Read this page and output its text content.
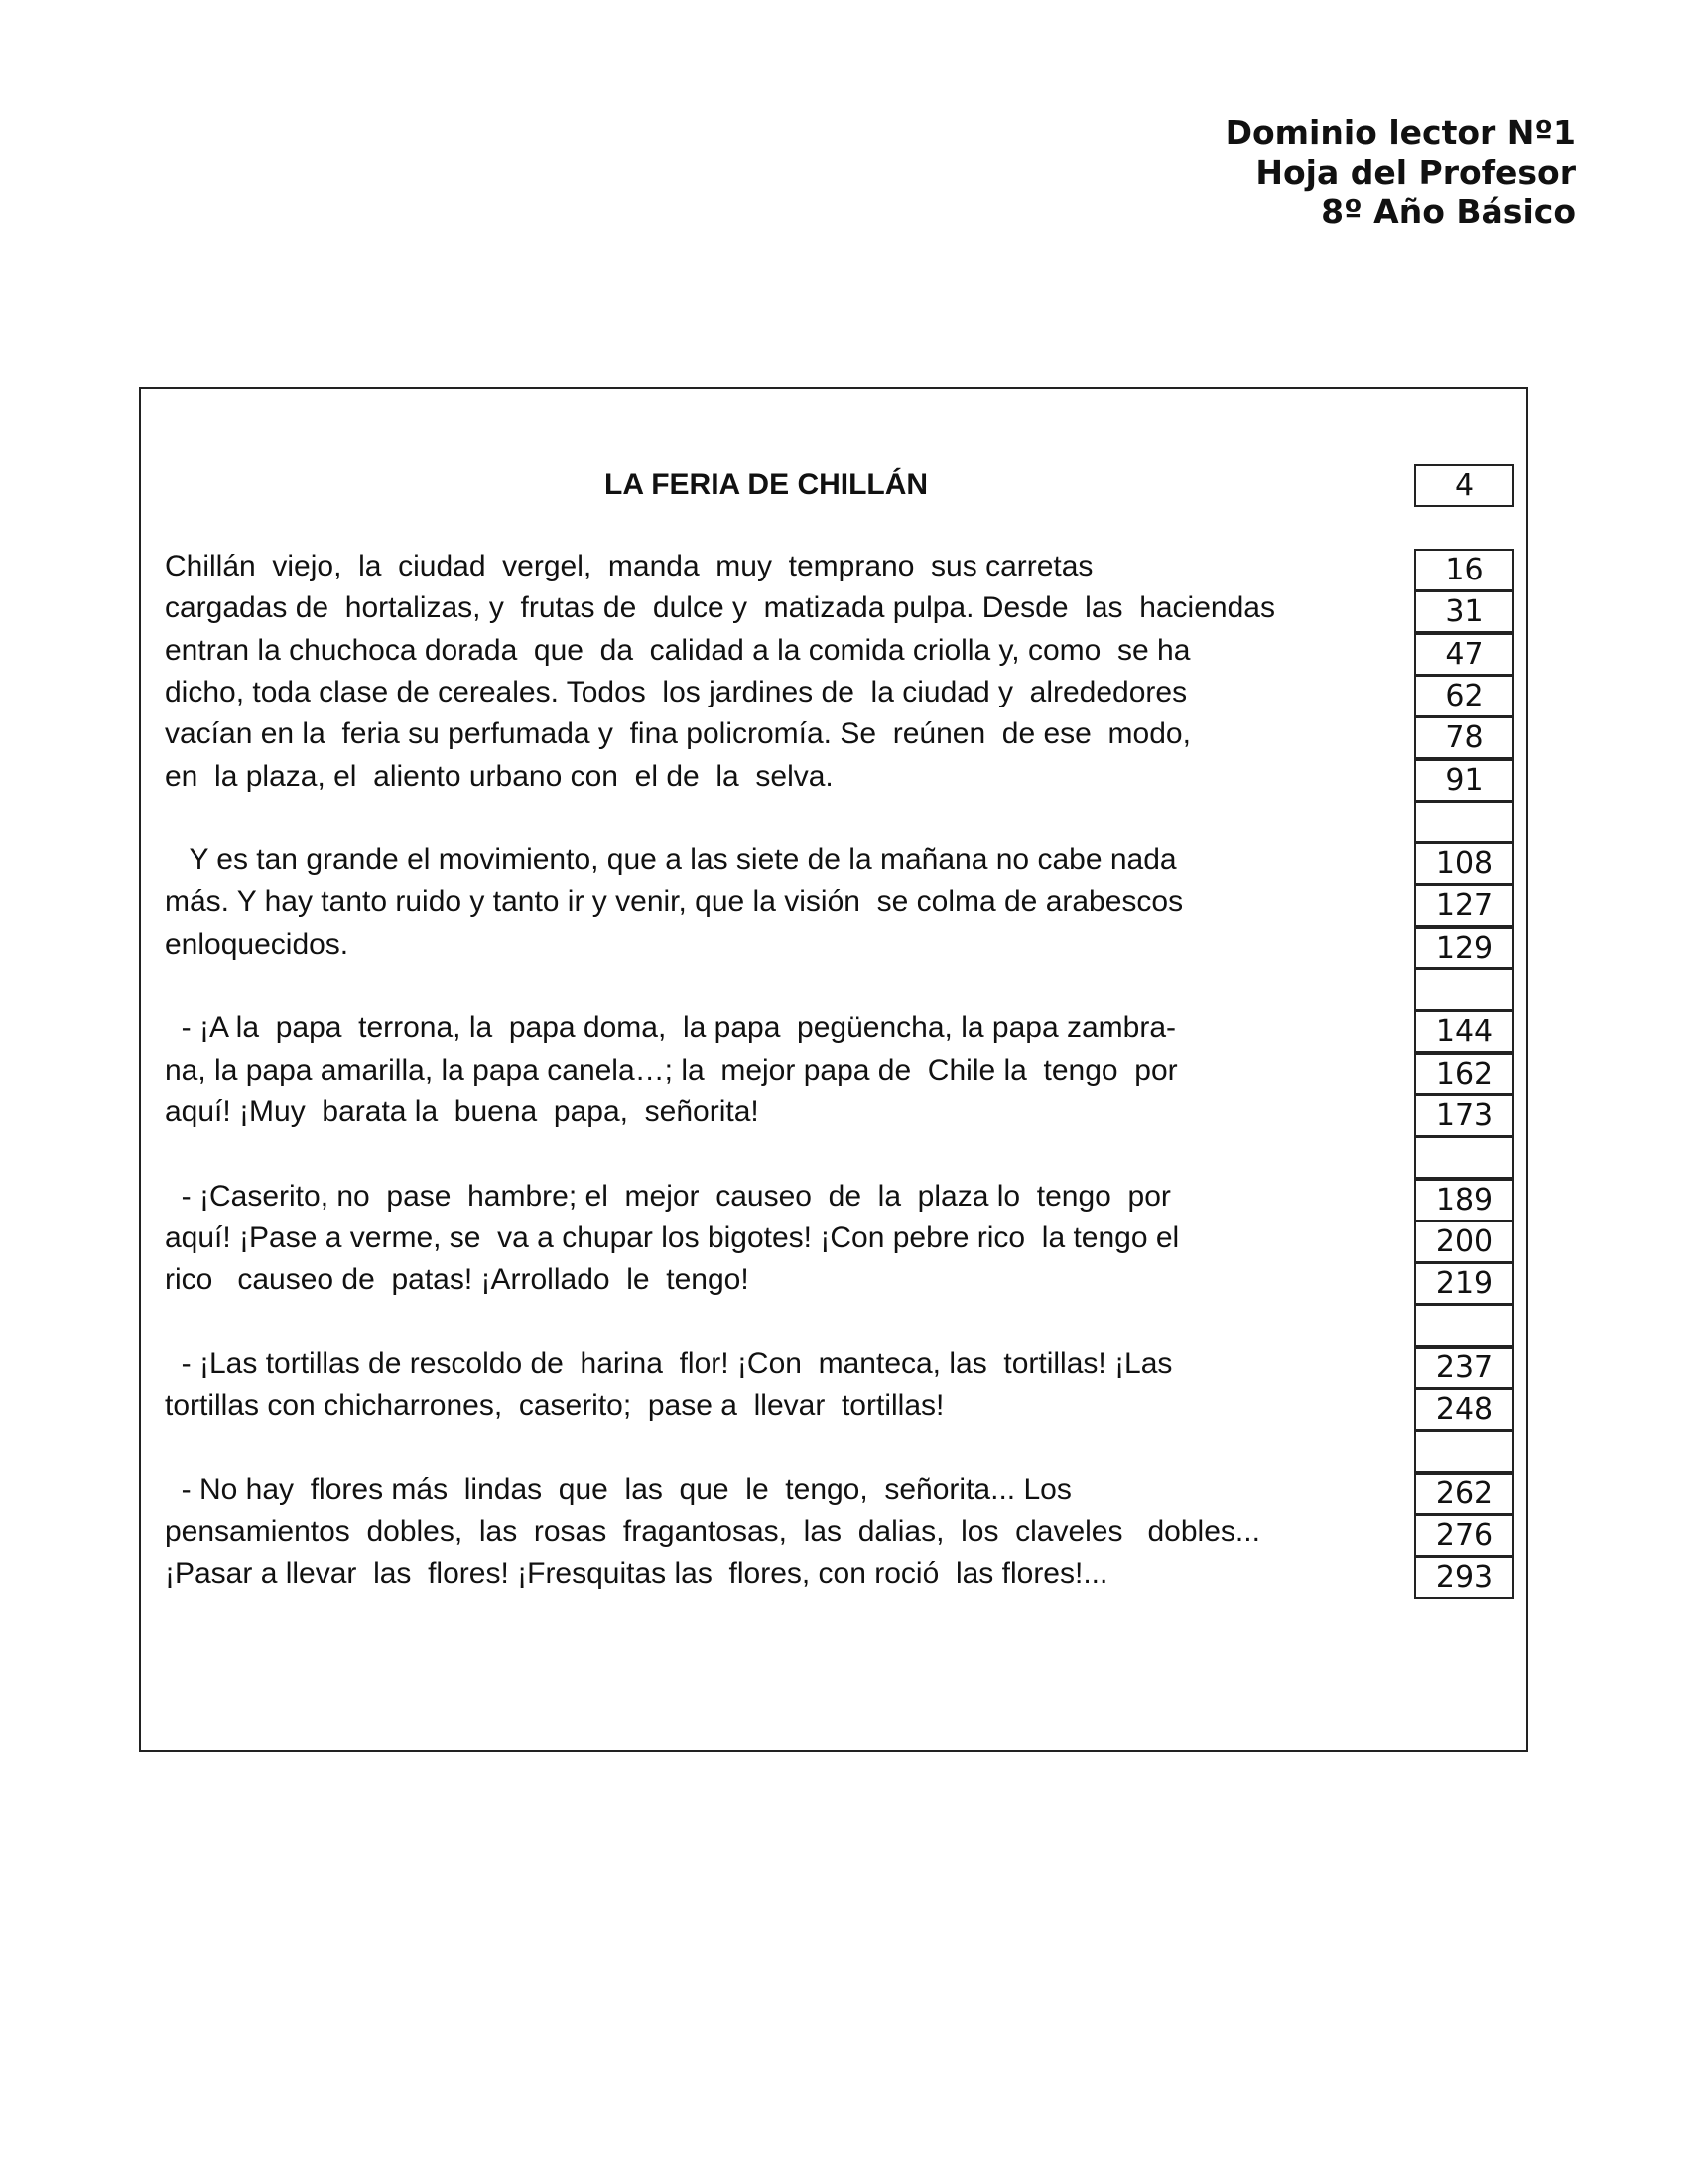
Dominio lector Nº1
Hoja del Profesor
8º Año Básico
LA FERIA DE CHILLÁN	4
Chillán  viejo,  la  ciudad  vergel,  manda  muy  temprano  sus carretas	16
cargadas de  hortalizas, y  frutas de  dulce y  matizada pulpa. Desde  las  haciendas	31
entran la chuchoca dorada  que  da  calidad a la comida criolla y, como  se ha	47
dicho, toda clase de cereales. Todos  los jardines de  la ciudad y  alrededores	62
vacían en la  feria su perfumada y  fina policromía. Se  reúnen  de ese  modo,	78
en  la plaza, el  aliento urbano con  el de  la  selva.	91
Y es tan grande el movimiento, que a las siete de la mañana no cabe nada	108
más. Y hay tanto ruido y tanto ir y venir, que la visión  se colma de arabescos	127
enloquecidos.	129
- ¡A la  papa  terrona, la  papa doma,  la papa  pegüencha, la papa zambra-	144
na, la papa amarilla, la papa canela…; la  mejor papa de  Chile la  tengo  por	162
aquí! ¡Muy  barata la  buena  papa,  señorita!	173
- ¡Caserito, no  pase  hambre; el  mejor  causeo  de  la  plaza lo  tengo  por	189
aquí! ¡Pase a verme, se  va a chupar los bigotes! ¡Con pebre rico  la tengo el	200
rico   causeo de  patas! ¡Arrollado  le  tengo!	219
- ¡Las tortillas de rescoldo de  harina  flor! ¡Con  manteca, las  tortillas! ¡Las	237
tortillas con chicharrones,  caserito;  pase a  llevar  tortillas!	248
- No hay  flores más  lindas  que  las  que  le  tengo,  señorita... Los	262
pensamientos  dobles,  las  rosas  fragantosas,  las  dalias,  los  claveles   dobles...	276
¡Pasar a llevar  las  flores! ¡Fresquitas las  flores, con roció  las flores!...	293
